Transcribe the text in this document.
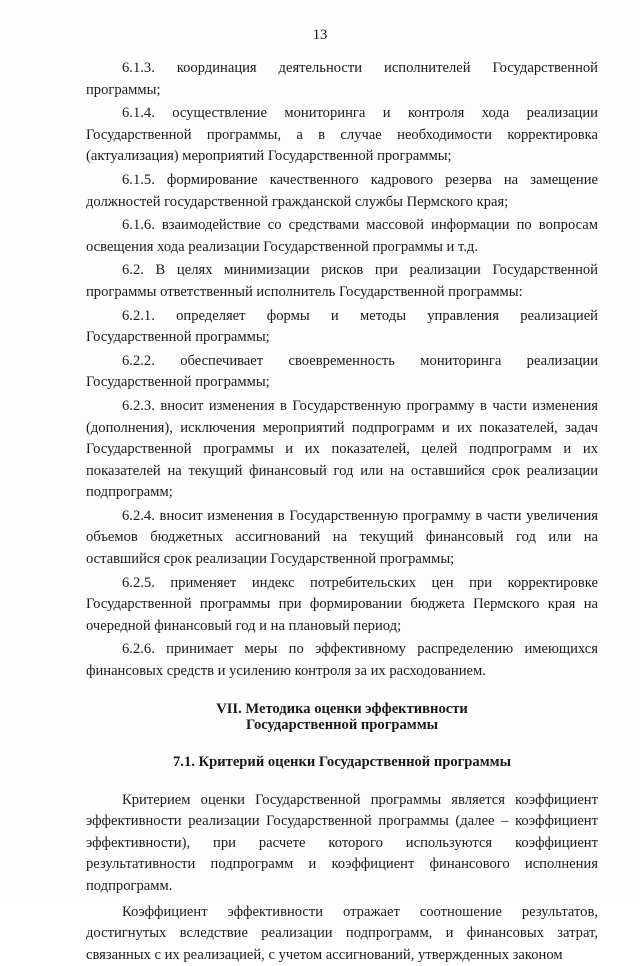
13

6.1.3. координация деятельности исполнителей Государственной программы;

6.1.4. осуществление мониторинга и контроля хода реализации Государственной программы, а в случае необходимости корректировка (актуализация) мероприятий Государственной программы;

6.1.5. формирование качественного кадрового резерва на замещение должностей государственной гражданской службы Пермского края;

6.1.6. взаимодействие со средствами массовой информации по вопросам освещения хода реализации Государственной программы и т.д.

6.2. В целях минимизации рисков при реализации Государственной программы ответственный исполнитель Государственной программы:

6.2.1. определяет формы и методы управления реализацией Государственной программы;

6.2.2. обеспечивает своевременность мониторинга реализации Государственной программы;

6.2.3. вносит изменения в Государственную программу в части изменения (дополнения), исключения мероприятий подпрограмм и их показателей, задач Государственной программы и их показателей, целей подпрограмм и их показателей на текущий финансовый год или на оставшийся срок реализации подпрограмм;

6.2.4. вносит изменения в Государственную программу в части увеличения объемов бюджетных ассигнований на текущий финансовый год или на оставшийся срок реализации Государственной программы;

6.2.5. применяет индекс потребительских цен при корректировке Государственной программы при формировании бюджета Пермского края на очередной финансовый год и на плановый период;

6.2.6. принимает меры по эффективному распределению имеющихся финансовых средств и усилению контроля за их расходованием.

VII. Методика оценки эффективности
Государственной программы
7.1. Критерий оценки Государственной программы

Критерием оценки Государственной программы является коэффициент эффективности реализации Государственной программы (далее – коэффициент эффективности), при расчете которого используются коэффициент результативности подпрограмм и коэффициент финансового исполнения подпрограмм.

Коэффициент эффективности отражает соотношение результатов, достигнутых вследствие реализации подпрограмм, и финансовых затрат, связанных с их реализацией, с учетом ассигнований, утвержденных законом
